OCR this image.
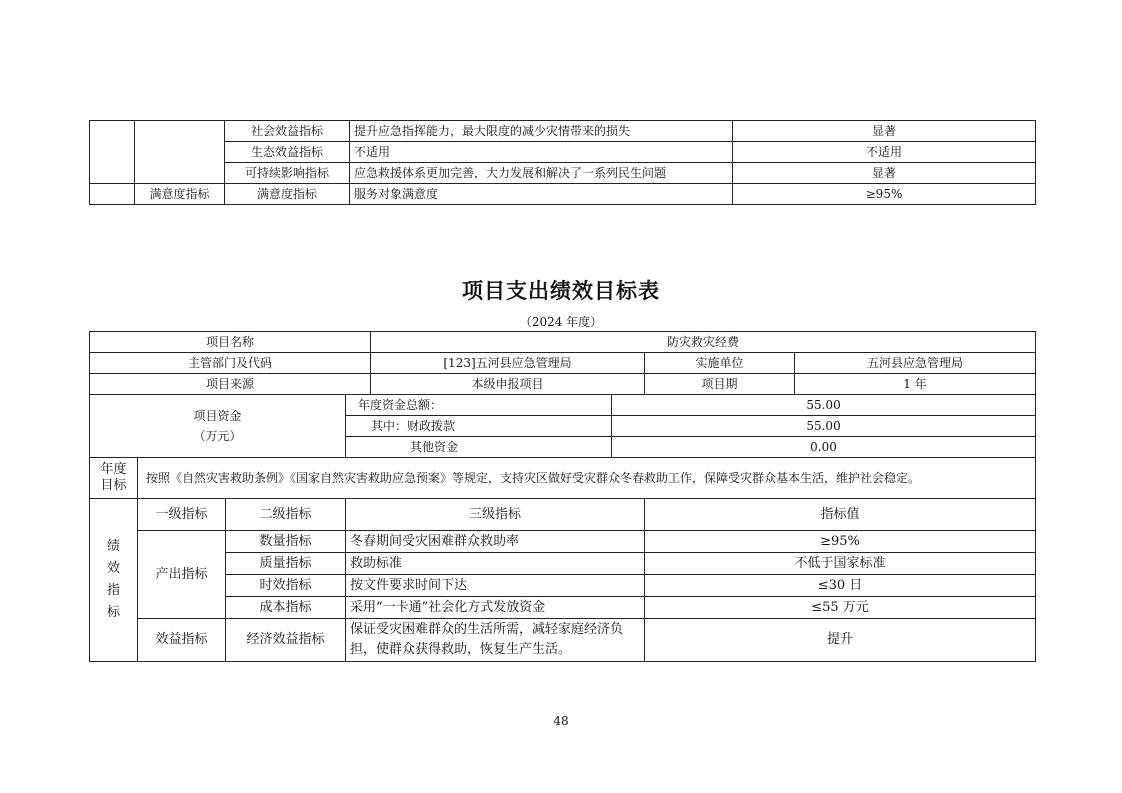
		社会效益指标	提升应急指挥能力，最大限度的减少灾情带来的损失	显著
		生态效益指标	不适用	不适用
		可持续影响指标	应急救援体系更加完善，大力发展和解决了一系列民生问题	显著
	满意度指标	满意度指标	服务对象满意度	≥95%
项目支出绩效目标表
（2024 年度）
项目名称				防灾救灾经费			
主管部门及代码				[123]五河县应急管理局		实施单位	五河县应急管理局
项目来源				本级申报项目		项目期	1 年

项目资金
（万元）			年度资金总额：		55.00		
			其中：财政拨款		55.00		
			其他资金		0.00		

年度
目标	按照《自然灾害救助条例》《国家自然灾害救助应急预案》等规定，支持灾区做好受灾群众冬春救助工作，保障受灾群众基本生活，维护社会稳定。						

绩
效
指
标	一级指标	二级指标	三级指标			指标值	
	产出指标	数量指标	冬春期间受灾困难群众救助率			≥95%	
		质量指标	救助标准			不低于国家标准	
		时效指标	按文件要求时间下达			≤30 日	
		成本指标	采用“一卡通”社会化方式发放资金			≤55 万元	
	效益指标	经济效益指标	保证受灾困难群众的生活所需，减轻家庭经济负担，使群众获得救助，恢复生产生活。			提升	
48
